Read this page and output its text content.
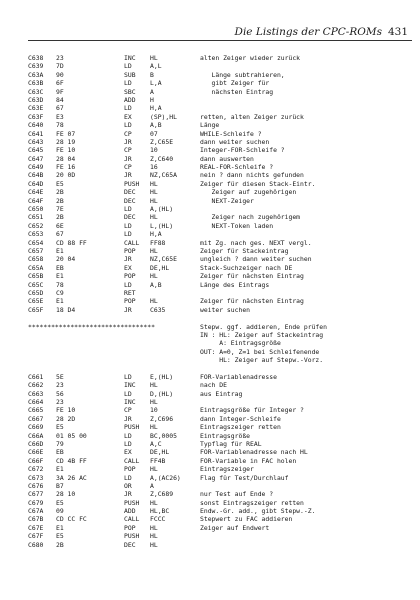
Die Listings der CPC-ROMs 431
C638 23	INC HL	alten Zeiger wieder zurück
C639 7D	LD	A,L
C63A 90	SUB B	Länge subtrahieren,
C63B 6F	LD	L,A	gibt Zeiger für
C63C 9F	SBC A	nächsten Eintrag
C63D 84	ADD H
C63E 67	LD	H,A
C63F E3	EX	(SP),HL	retten, alten Zeiger zurück
C640 78	LD	A,B	Länge
C641 FE 07	CP	07	WHILE-Schleife ?
C643 28 19	JR	Z,C65E	dann weiter suchen
C645 FE 10	CP	10	Integer-FOR-Schleife ?
C647 28 04	JR	Z,C640	dann auswerten
C649 FE 16	CP	16	REAL-FOR-Schleife ?
C64B 20 0D	JR	NZ,C65A	nein ? dann nichts gefunden
C64D E5	PUSH HL	Zeiger für diesen Stack-Eintr.
C64E 2B	DEC HL	Zeiger auf zugehörigen
C64F 2B	DEC HL	NEXT-Zeiger
C650 7E	LD	A,(HL)
C651 2B	DEC HL	Zeiger nach zugehörigem
C652 6E	LD	L,(HL)	NEXT-Token laden
C653 67	LD	H,A
C654 CD 88 FF	CALL FF88	mit Zg. nach ges. NEXT vergl.
C657 E1	POP HL	Zeiger für Stackeintrag
C658 20 04	JR	NZ,C65E	ungleich ? dann weiter suchen
C65A EB	EX	DE,HL	Stack-Suchzeiger nach DE
C65B E1	POP HL	Zeiger für nächsten Eintrag
C65C 78	LD	A,B	Länge des Eintrags
C65D C9	RET
C65E E1	POP HL	Zeiger für nächsten Eintrag
C65F 18 D4	JR	C635	weiter suchen
*********************************	Stepw. ggf. addieren, Ende prüfen
IN : HL: Zeiger auf Stackeintrag
A: Eintragsgröße
OUT: A=0, Z=1 bei Schleifenende
HL: Zeiger auf Stepw.-Vorz.
C661 5E	LD	E,(HL)	FOR-Variablenadresse
C662 23	INC HL	nach DE
C663 56	LD	D,(HL)	aus Eintrag
C664 23	INC HL
C665 FE 10	CP	10	Eintragsgröße für Integer ?
C667 28 2D	JR	Z,C696	dann Integer-Schleife
C669 E5	PUSH HL	Eintragszeiger retten
C66A 01 05 00	LD	BC,0005	Eintragsgröße
C66D 79	LD	A,C	Typflag für REAL
C66E EB	EX	DE,HL	FOR-Variablenadresse nach HL
C66F CD 4B FF	CALL FF4B	FOR-Variable in FAC holen
C672 E1	POP HL	Eintragszeiger
C673 3A 26 AC	LD	A,(AC26)	Flag für Test/Durchlauf
C676 B7	OR	A
C677 28 10	JR	Z,C689	nur Test auf Ende ?
C679 E5	PUSH HL	sonst Eintragszeiger retten
C67A 09	ADD HL,BC	Endw.-Gr. add., gibt Stepw.-Z.
C67B CD CC FC	CALL FCCC	Stepwert zu FAC addieren
C67E E1	POP HL	Zeiger auf Endwert
C67F E5	PUSH HL
C680 2B	DEC HL
